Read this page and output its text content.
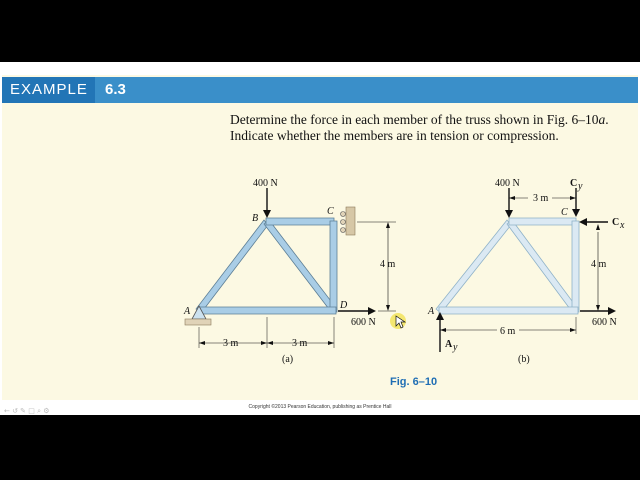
EXAMPLE	6.3
Determine the force in each member of the truss shown in Fig. 6–10a.
Indicate whether the members are in tension or compression.
400 N
B
C
D
A
600 N
4 m
3 m	3 m
(a)
400 N
3 m
C y
C
C x
4 m
600 N
A
A y
6 m
(b)
Fig. 6–10
Copyright ©2013 Pearson Education, publishing as Prentice Hall
← ↺ ✎ □ ⌕ ⚙
